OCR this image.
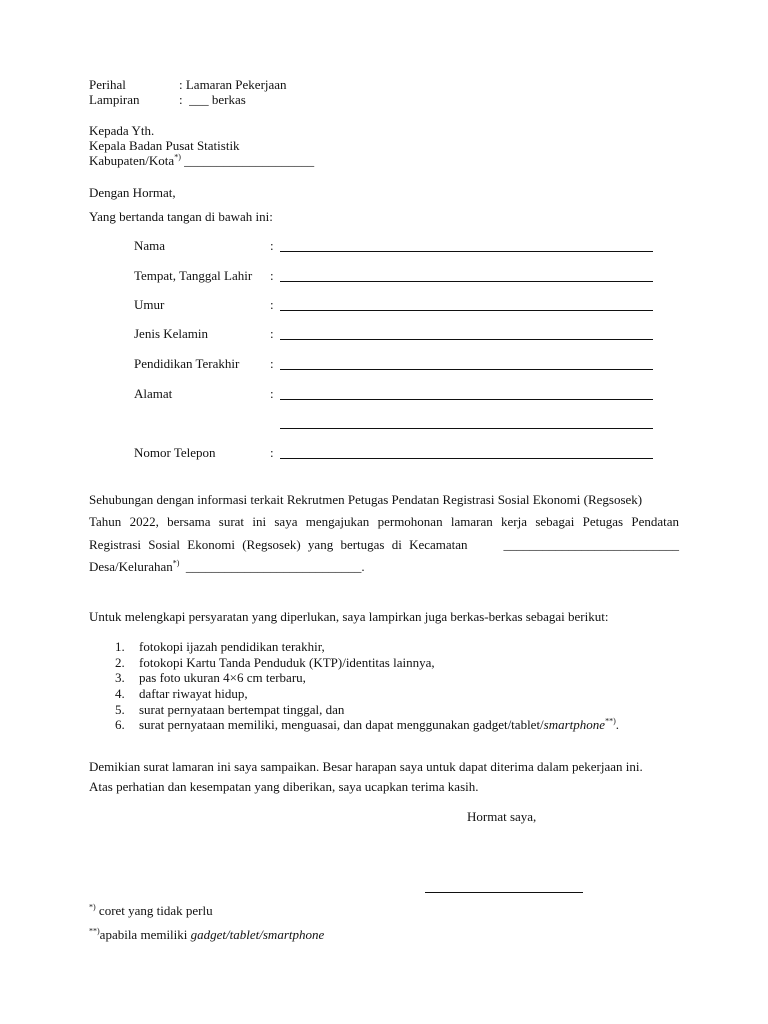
Perihal	: Lamaran Pekerjaan
Lampiran	: ___ berkas
Kepada Yth.
Kepala Badan Pusat Statistik
Kabupaten/Kota*) ____________________
Dengan Hormat,
Yang bertanda tangan di bawah ini:
Nama	:
Tempat, Tanggal Lahir :
Umur	:
Jenis Kelamin	:
Pendidikan Terakhir :
Alamat	:
Nomor Telepon	:
Sehubungan dengan informasi terkait Rekrutmen Petugas Pendatan Registrasi Sosial Ekonomi (Regsosek)
Tahun 2022, bersama surat ini saya mengajukan permohonan lamaran kerja sebagai Petugas Pendatan
Registrasi Sosial Ekonomi (Regsosek) yang bertugas di Kecamatan	___________________________
Desa/Kelurahan*) ___________________________.
Untuk melengkapi persyaratan yang diperlukan, saya lampirkan juga berkas-berkas sebagai berikut:
1. fotokopi ijazah pendidikan terakhir,
2. fotokopi Kartu Tanda Penduduk (KTP)/identitas lainnya,
3. pas foto ukuran 4×6 cm terbaru,
4. daftar riwayat hidup,
5. surat pernyataan bertempat tinggal, dan
6. surat pernyataan memiliki, menguasai, dan dapat menggunakan gadget/tablet/smartphone**).
Demikian surat lamaran ini saya sampaikan. Besar harapan saya untuk dapat diterima dalam pekerjaan ini.
Atas perhatian dan kesempatan yang diberikan, saya ucapkan terima kasih.
Hormat saya,
*) coret yang tidak perlu
**)apabila memiliki gadget/tablet/smartphone
